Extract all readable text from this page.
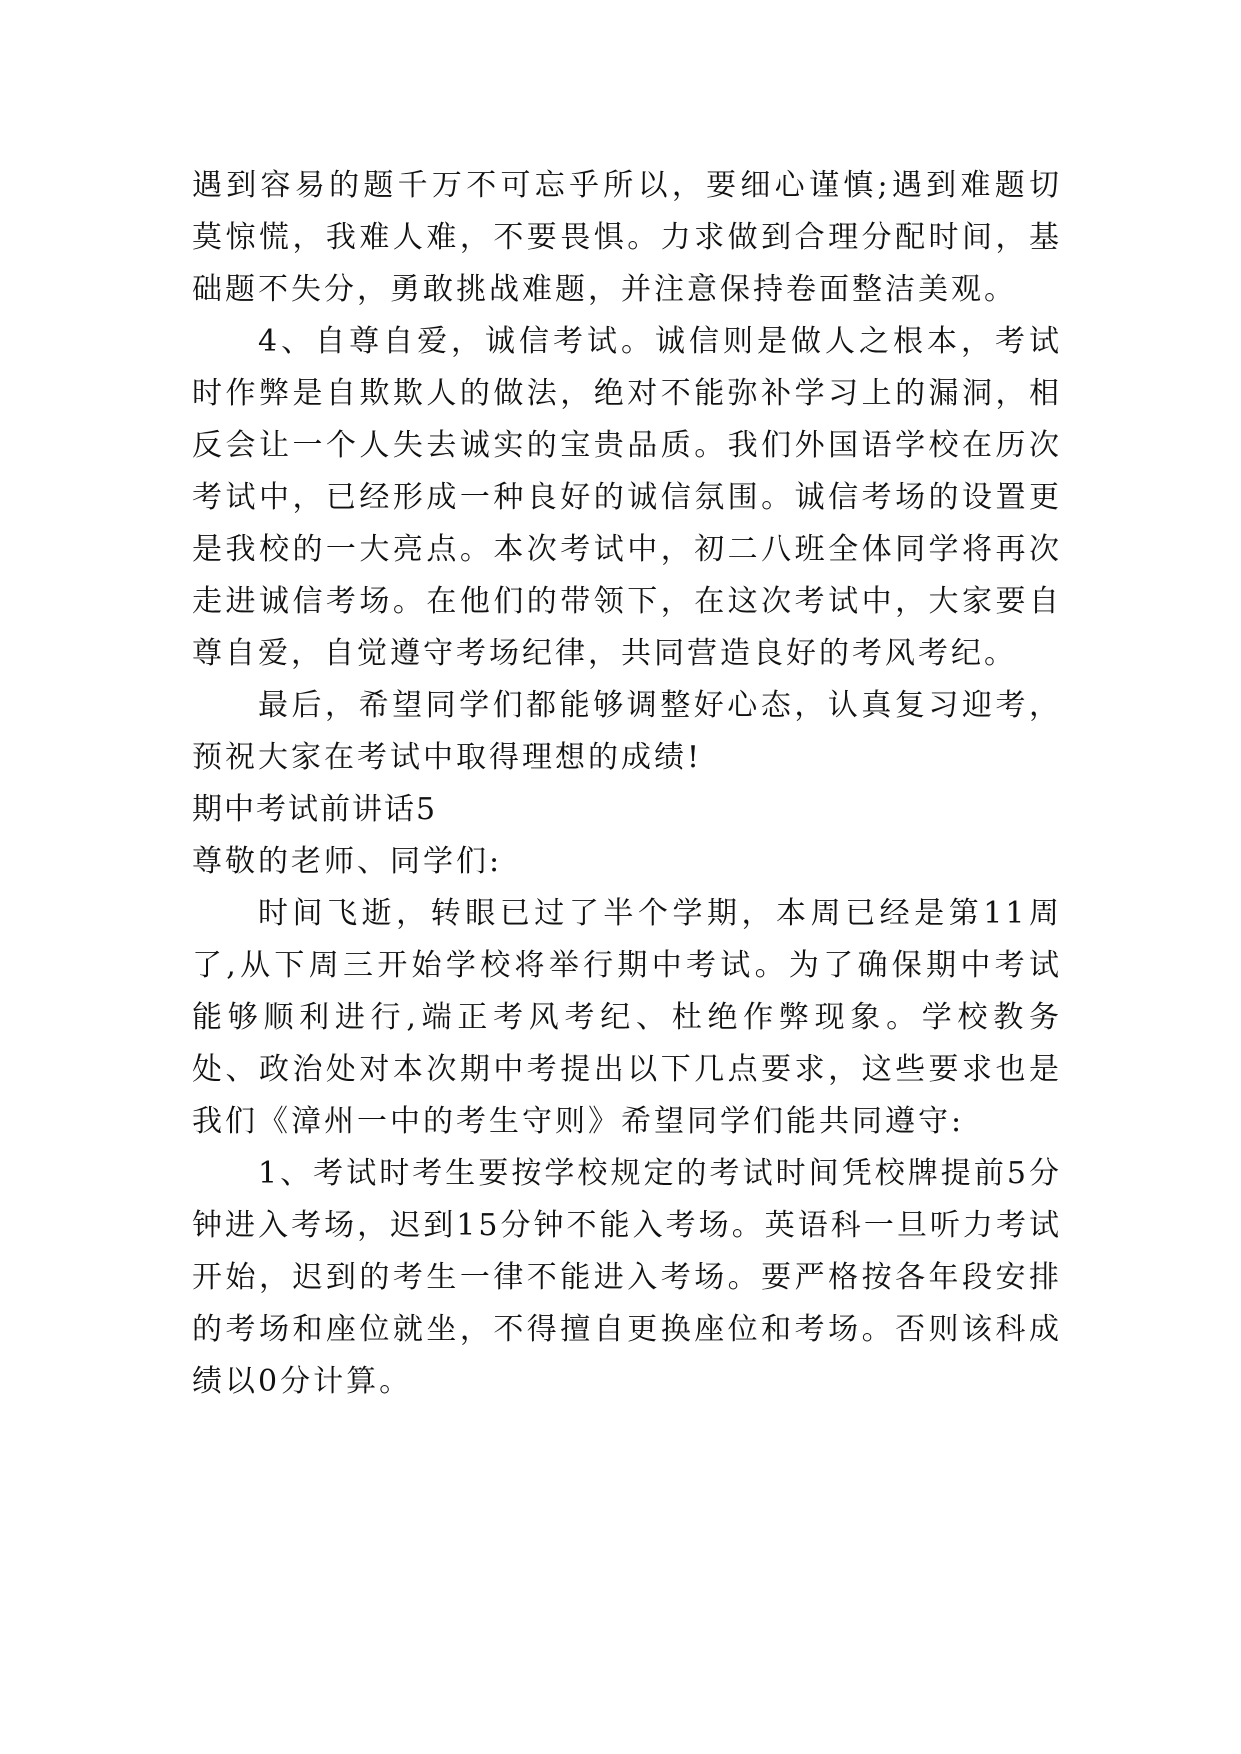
遇到容易的题千万不可忘乎所以，要细心谨慎;遇到难题切莫惊慌，我难人难，不要畏惧。力求做到合理分配时间，基础题不失分，勇敢挑战难题，并注意保持卷面整洁美观。

4、自尊自爱，诚信考试。诚信则是做人之根本，考试时作弊是自欺欺人的做法，绝对不能弥补学习上的漏洞，相反会让一个人失去诚实的宝贵品质。我们外国语学校在历次考试中，已经形成一种良好的诚信氛围。诚信考场的设置更是我校的一大亮点。本次考试中，初二八班全体同学将再次走进诚信考场。在他们的带领下，在这次考试中，大家要自尊自爱，自觉遵守考场纪律，共同营造良好的考风考纪。

最后，希望同学们都能够调整好心态，认真复习迎考，预祝大家在考试中取得理想的成绩!

期中考试前讲话5

尊敬的老师、同学们:

时间飞逝，转眼已过了半个学期，本周已经是第11周了,从下周三开始学校将举行期中考试。为了确保期中考试能够顺利进行,端正考风考纪、杜绝作弊现象。学校教务处、政治处对本次期中考提出以下几点要求，这些要求也是我们《漳州一中的考生守则》希望同学们能共同遵守:

1、考试时考生要按学校规定的考试时间凭校牌提前5分钟进入考场，迟到15分钟不能入考场。英语科一旦听力考试开始，迟到的考生一律不能进入考场。要严格按各年段安排的考场和座位就坐，不得擅自更换座位和考场。否则该科成绩以0分计算。
